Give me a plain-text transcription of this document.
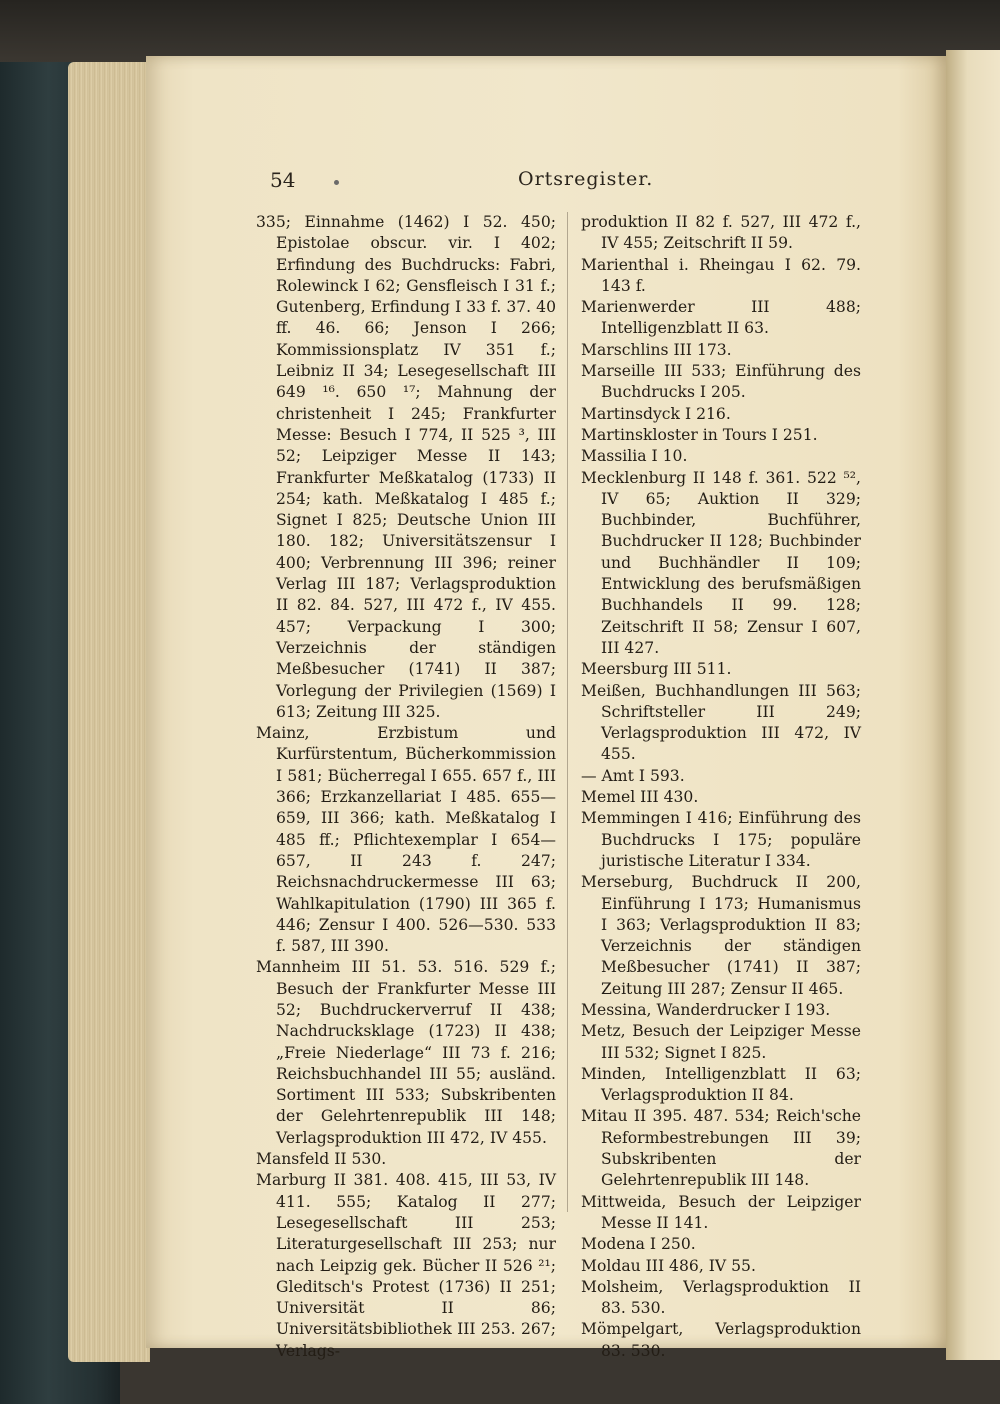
54	Ortsregister.

335; Einnahme (1462) I 52. 450; Epistolae obscur. vir. I 402; Erfindung des Buchdrucks: Fabri, Rolewinck I 62; Gensfleisch I 31 f.; Gutenberg, Erfindung I 33 f. 37. 40 ff. 46. 66; Jenson I 266; Kommissionsplatz IV 351 f.; Leibniz II 34; Lesegesellschaft III 649 ¹⁶. 650 ¹⁷; Mahnung der christenheit I 245; Frankfurter Messe: Besuch I 774, II 525 ³, III 52; Leipziger Messe II 143; Frankfurter Meßkatalog (1733) II 254; kath. Meßkatalog I 485 f.; Signet I 825; Deutsche Union III 180. 182; Universitätszensur I 400; Verbrennung III 396; reiner Verlag III 187; Verlagsproduktion II 82. 84. 527, III 472 f., IV 455. 457; Verpackung I 300; Verzeichnis der ständigen Meßbesucher (1741) II 387; Vorlegung der Privilegien (1569) I 613; Zeitung III 325.

Mainz, Erzbistum und Kurfürstentum, Bücherkommission I 581; Bücherregal I 655. 657 f., III 366; Erzkanzellariat I 485. 655—659, III 366; kath. Meßkatalog I 485 ff.; Pflichtexemplar I 654—657, II 243 f. 247; Reichsnachdruckermesse III 63; Wahlkapitulation (1790) III 365 f. 446; Zensur I 400. 526—530. 533 f. 587, III 390.

Mannheim III 51. 53. 516. 529 f.; Besuch der Frankfurter Messe III 52; Buchdruckerverruf II 438; Nachdrucksklage (1723) II 438; „Freie Niederlage“ III 73 f. 216; Reichsbuchhandel III 55; ausländ. Sortiment III 533; Subskribenten der Gelehrtenrepublik III 148; Verlagsproduktion III 472, IV 455.

Mansfeld II 530.

Marburg II 381. 408. 415, III 53, IV 411. 555; Katalog II 277; Lesegesellschaft III 253; Literaturgesellschaft III 253; nur nach Leipzig gek. Bücher II 526 ²¹; Gleditsch's Protest (1736) II 251; Universität II 86; Universitätsbibliothek III 253. 267; Verlags-

produktion II 82 f. 527, III 472 f., IV 455; Zeitschrift II 59.

Marienthal i. Rheingau I 62. 79. 143 f.

Marienwerder III 488; Intelligenzblatt II 63.

Marschlins III 173.

Marseille III 533; Einführung des Buchdrucks I 205.

Martinsdyck I 216.

Martinskloster in Tours I 251.

Massilia I 10.

Mecklenburg II 148 f. 361. 522 ⁵², IV 65; Auktion II 329; Buchbinder, Buchführer, Buchdrucker II 128; Buchbinder und Buchhändler II 109; Entwicklung des berufsmäßigen Buchhandels II 99. 128; Zeitschrift II 58; Zensur I 607, III 427.

Meersburg III 511.

Meißen, Buchhandlungen III 563; Schriftsteller III 249; Verlagsproduktion III 472, IV 455.

— Amt I 593.

Memel III 430.

Memmingen I 416; Einführung des Buchdrucks I 175; populäre juristische Literatur I 334.

Merseburg, Buchdruck II 200, Einführung I 173; Humanismus I 363; Verlagsproduktion II 83; Verzeichnis der ständigen Meßbesucher (1741) II 387; Zeitung III 287; Zensur II 465.

Messina, Wanderdrucker I 193.

Metz, Besuch der Leipziger Messe III 532; Signet I 825.

Minden, Intelligenzblatt II 63; Verlagsproduktion II 84.

Mitau II 395. 487. 534; Reich'sche Reformbestrebungen III 39; Subskribenten der Gelehrtenrepublik III 148.

Mittweida, Besuch der Leipziger Messe II 141.

Modena I 250.

Moldau III 486, IV 55.

Molsheim, Verlagsproduktion II 83. 530.

Mömpelgart, Verlagsproduktion 83. 530.
